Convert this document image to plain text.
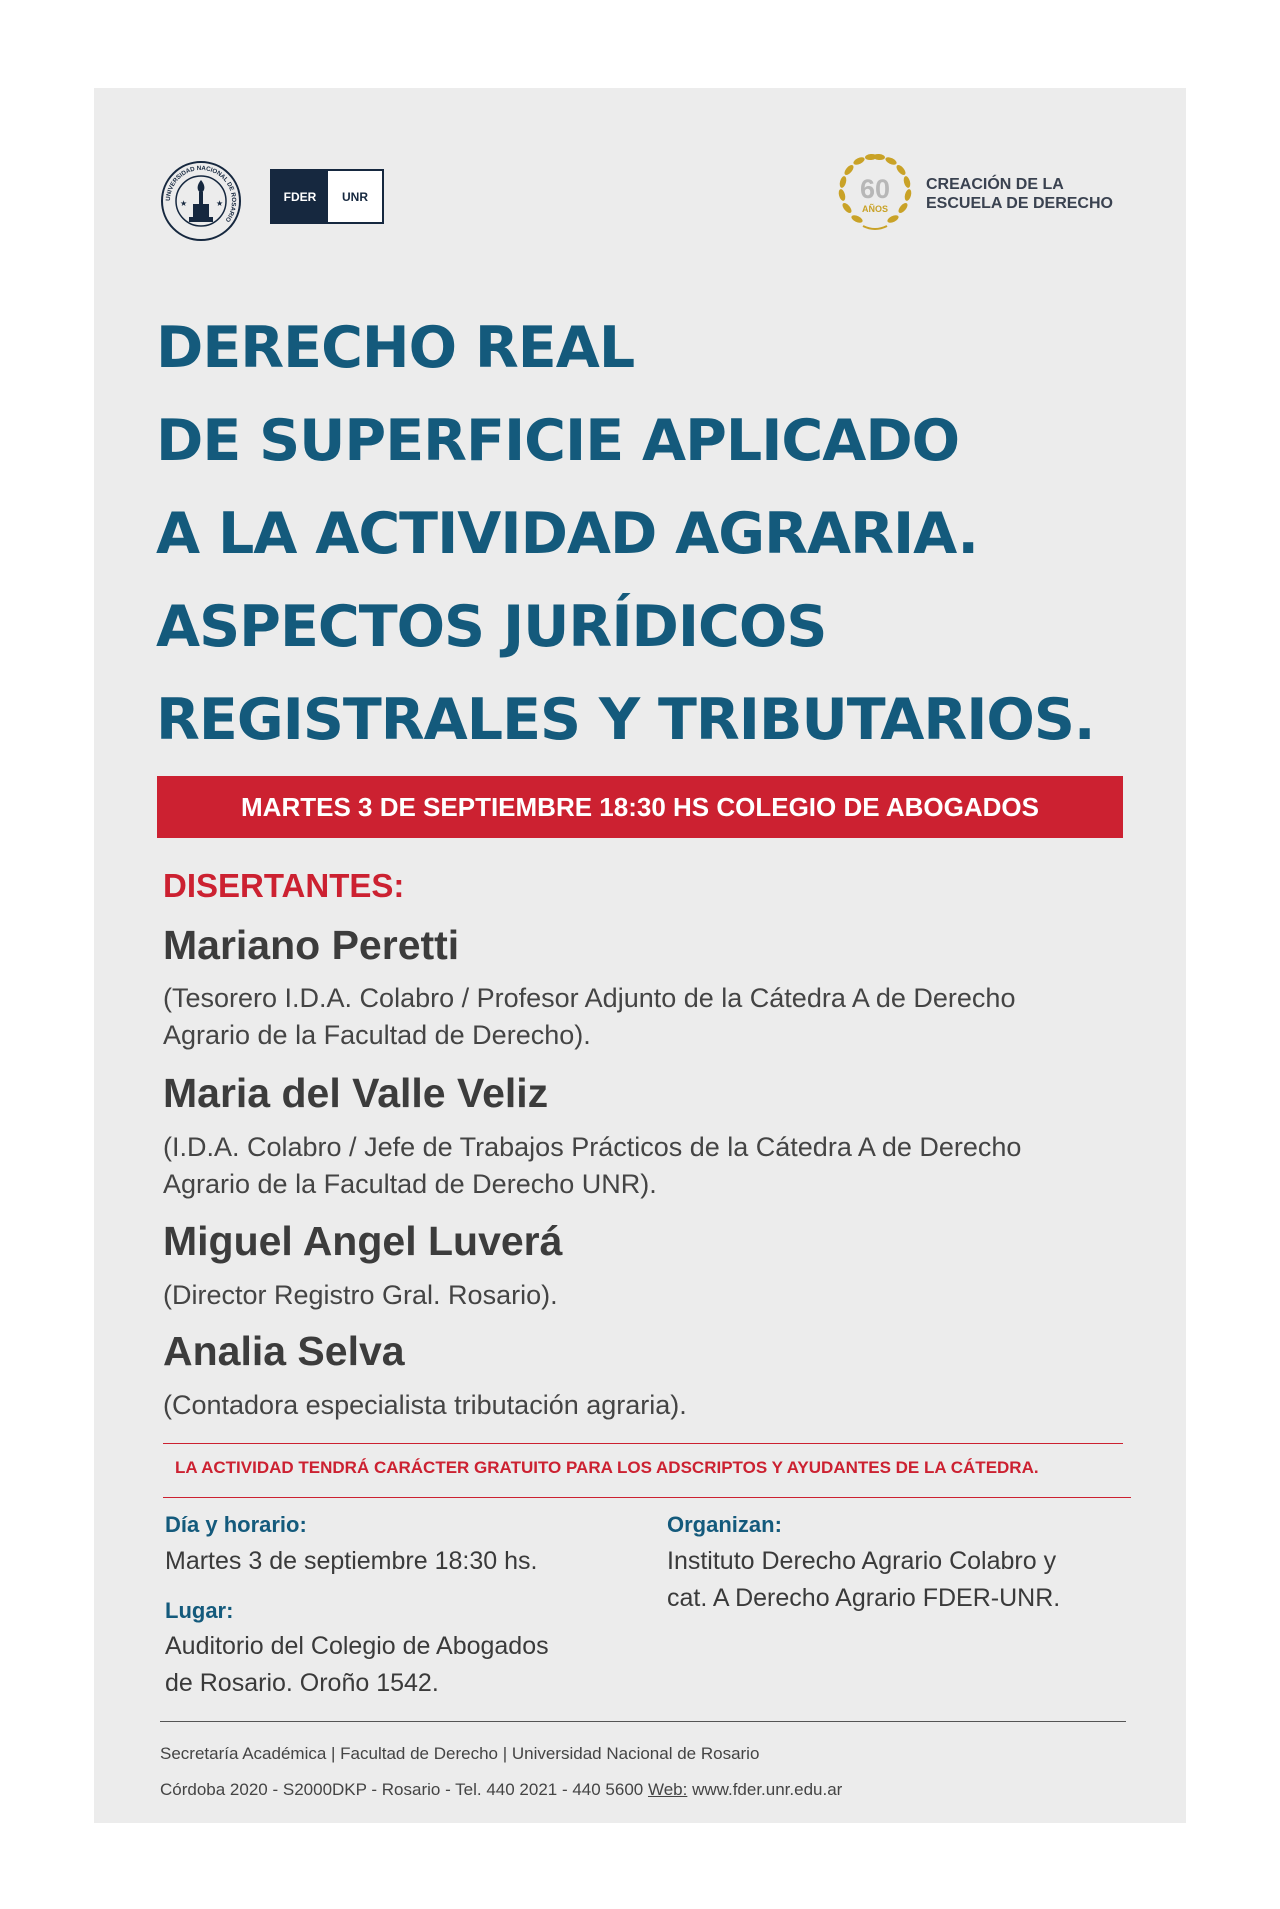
UNIVERSIDAD NACIONAL DE ROSARIO
★	★	FDER	UNR	60
AÑOS
CREACIÓN DE LA
ESCUELA DE DERECHO
DERECHO REAL
DE SUPERFICIE APLICADO
A LA ACTIVIDAD AGRARIA.
ASPECTOS JURÍDICOS
REGISTRALES Y TRIBUTARIOS.
MARTES 3 DE SEPTIEMBRE 18:30 HS COLEGIO DE ABOGADOS
DISERTANTES:
Mariano Peretti
(Tesorero I.D.A. Colabro / Profesor Adjunto de la Cátedra A de Derecho
Agrario de la Facultad de Derecho).
Maria del Valle Veliz
(I.D.A. Colabro / Jefe de Trabajos Prácticos de la Cátedra A de Derecho
Agrario de la Facultad de Derecho UNR).
Miguel Angel Luverá
(Director Registro Gral. Rosario).
Analia Selva
(Contadora especialista tributación agraria).
LA ACTIVIDAD TENDRÁ CARÁCTER GRATUITO PARA LOS ADSCRIPTOS Y AYUDANTES DE LA CÁTEDRA.
Día y horario:
Martes 3 de septiembre 18:30 hs.
Lugar:
Auditorio del Colegio de Abogados
de Rosario. Oroño 1542.
Organizan:
Instituto Derecho Agrario Colabro y
cat. A Derecho Agrario FDER-UNR.
Secretaría Académica | Facultad de Derecho | Universidad Nacional de Rosario
Córdoba 2020 - S2000DKP - Rosario - Tel. 440 2021 - 440 5600 Web: www.fder.unr.edu.ar
